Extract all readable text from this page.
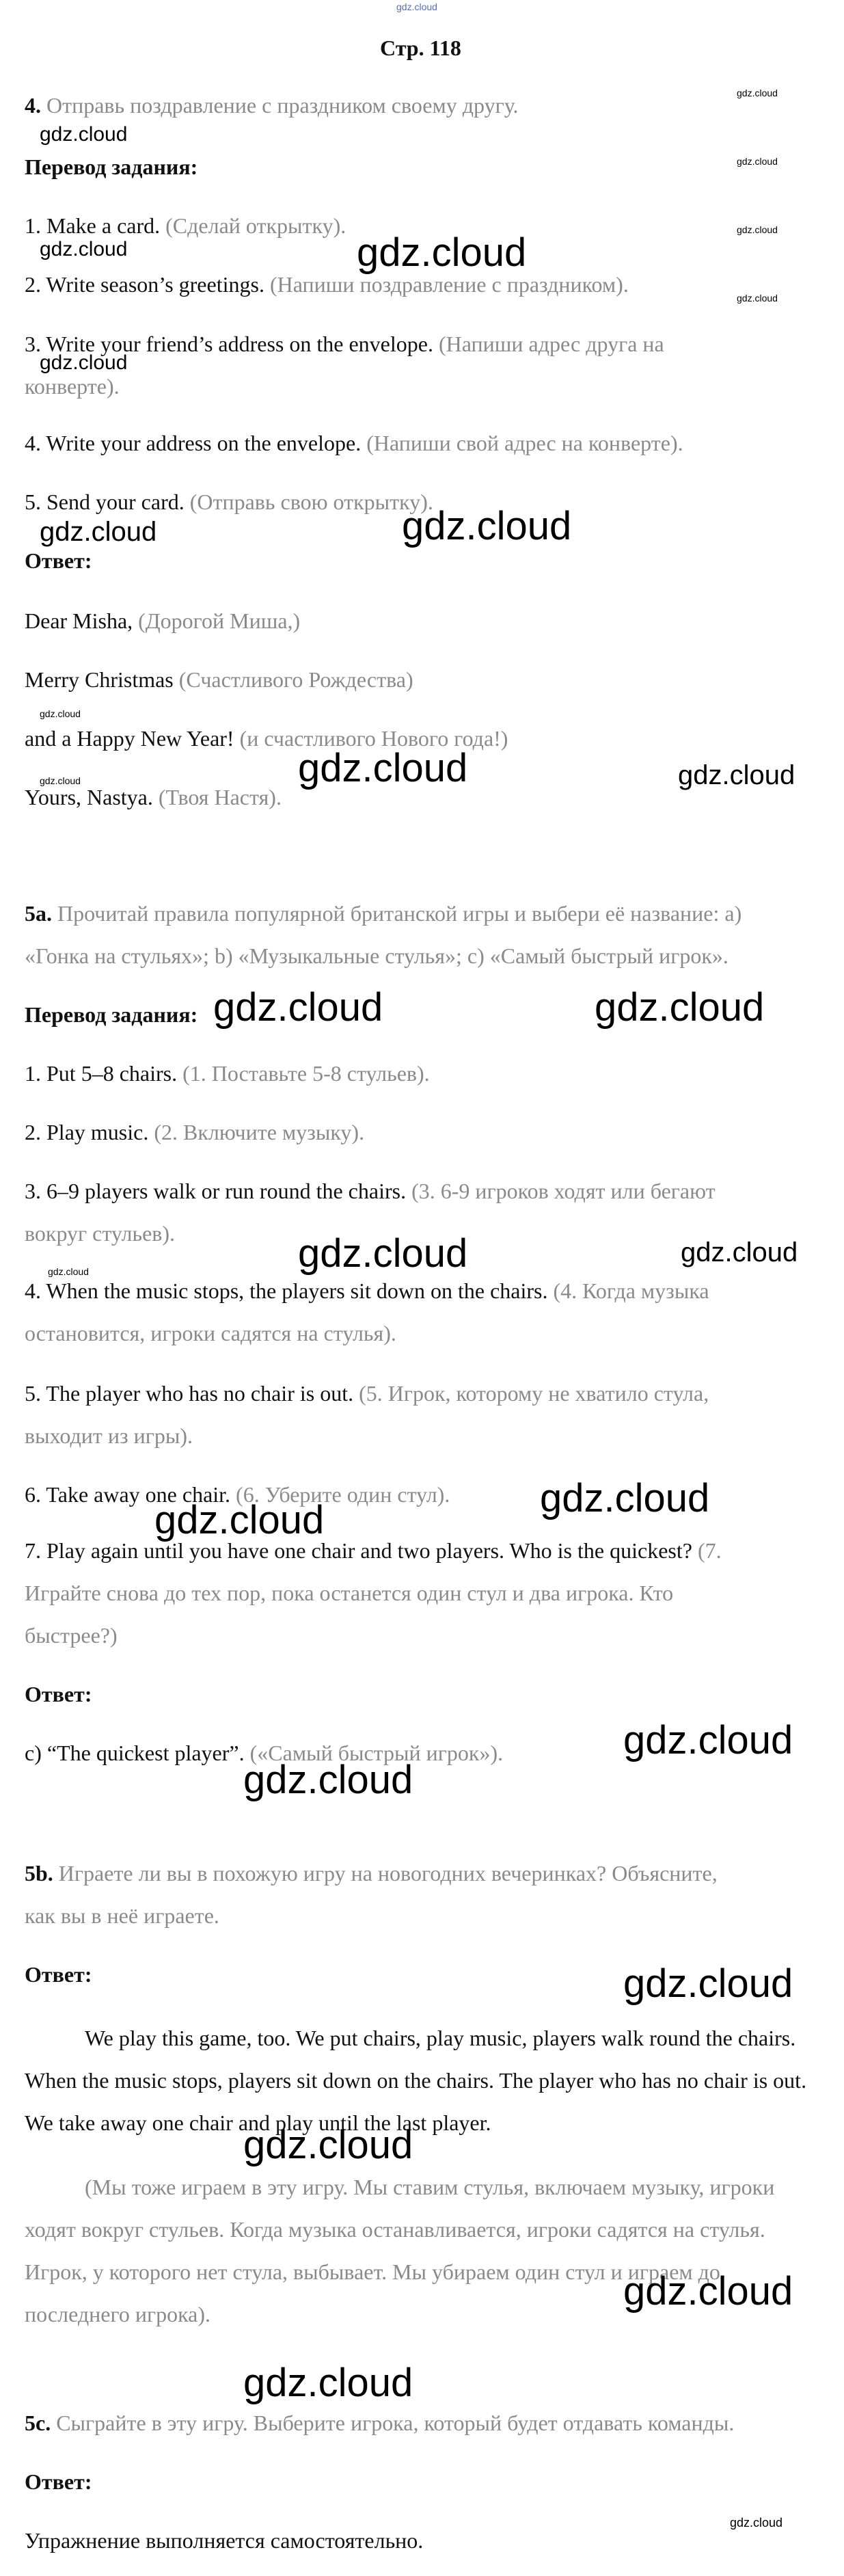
gdz.cloud
Стр. 118
4. Отправь поздравление с праздником своему другу.
Перевод задания:
1. Make a card. (Сделай открытку).
2. Write season’s greetings. (Напиши поздравление с праздником).
3. Write your friend’s address on the envelope. (Напиши адрес друга на
конверте).
4. Write your address on the envelope. (Напиши свой адрес на конверте).
5. Send your card. (Отправь свою открытку).
Ответ:
Dear Misha, (Дорогой Миша,)
Merry Christmas (Счастливого Рождества)
and a Happy New Year! (и счастливого Нового года!)
Yours, Nastya. (Твоя Настя).
5a. Прочитай правила популярной британской игры и выбери её название: a)
«Гонка на стульях»; b) «Музыкальные стулья»; c) «Самый быстрый игрок».
Перевод задания:
1. Put 5–8 chairs. (1. Поставьте 5-8 стульев).
2. Play music. (2. Включите музыку).
3. 6–9 players walk or run round the chairs. (3. 6-9 игроков ходят или бегают
вокруг стульев).
4. When the music stops, the players sit down on the chairs. (4. Когда музыка
остановится, игроки садятся на стулья).
5. The player who has no chair is out. (5. Игрок, которому не хватило стула,
выходит из игры).
6. Take away one chair. (6. Уберите один стул).
7. Play again until you have one chair and two players. Who is the quickest? (7.
Играйте снова до тех пор, пока останется один стул и два игрока. Кто
быстрее?)
Ответ:
c) “The quickest player”. («Самый быстрый игрок»).
5b. Играете ли вы в похожую игру на новогодних вечеринках? Объясните,
как вы в неё играете.
Ответ:
We play this game, too. We put chairs, play music, players walk round the chairs. When the music stops, players sit down on the chairs. The player who has no chair is out. We take away one chair and play until the last player.
(Мы тоже играем в эту игру. Мы ставим стулья, включаем музыку, игроки ходят вокруг стульев. Когда музыка останавливается, игроки садятся на стулья. Игрок, у которого нет стула, выбывает. Мы убираем один стул и играем до последнего игрока).
5c. Сыграйте в эту игру. Выберите игрока, который будет отдавать команды.
Ответ:
Упражнение выполняется самостоятельно.
gdz.cloud
gdz.cloud
gdz.cloud
gdz.cloud
gdz.cloud	gdz.cloud
gdz.cloud
gdz.cloud
gdz.cloud	gdz.cloud
gdz.cloud
gdz.cloud	gdz.cloud
gdz.cloud
gdz.cloud	gdz.cloud
gdz.cloud
gdz.cloud
gdz.cloud
gdz.cloud
gdz.cloud
gdz.cloud
gdz.cloud
gdz.cloud
gdz.cloud
gdz.cloud
gdz.cloud
gdz.cloud
